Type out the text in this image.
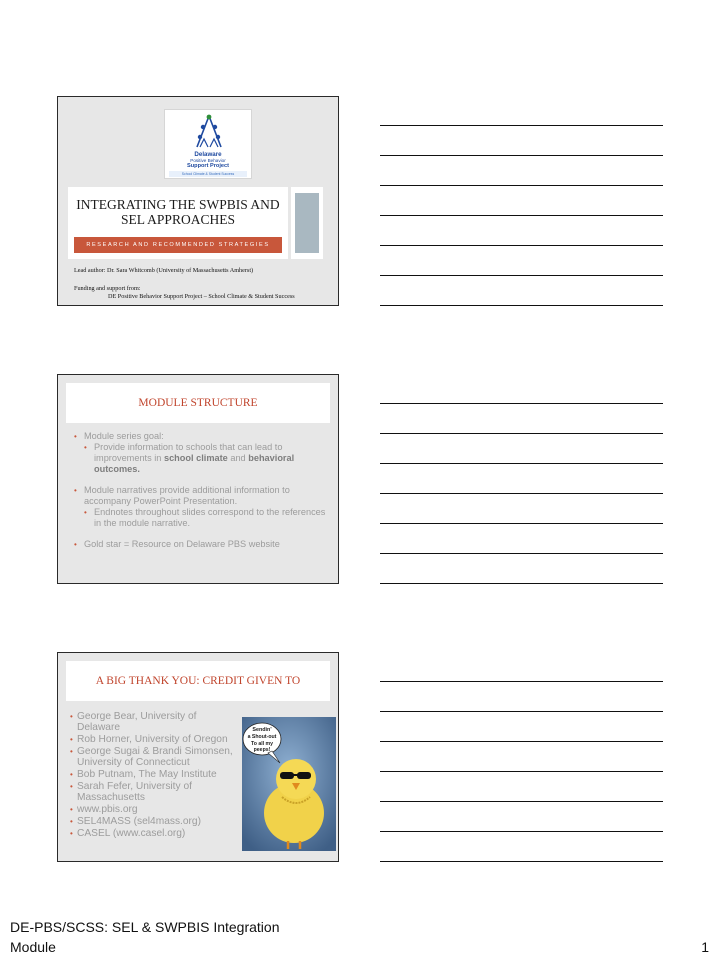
Delaware
Positive Behavior
Support Project
School Climate & Student Success
INTEGRATING THE SWPBIS AND SEL APPROACHES
RESEARCH AND RECOMMENDED STRATEGIES
Lead author: Dr. Sara Whitcomb (University of Massachusetts Amherst)
Funding and support from:
DE Positive Behavior Support Project – School Climate & Student Success
MODULE STRUCTURE
• Module series goal:
• Provide information to schools that can lead to improvements in school climate and behavioral outcomes.
• Module narratives provide additional information to accompany PowerPoint Presentation.
• Endnotes throughout slides correspond to the references in the module narrative.
• Gold star = Resource on Delaware PBS website
A BIG THANK YOU: CREDIT GIVEN TO
• George Bear, University of Delaware
• Rob Horner, University of Oregon
• George Sugai & Brandi Simonsen, University of Connecticut
• Bob Putnam, The May Institute
• Sarah Fefer, University of Massachusetts
• www.pbis.org
• SEL4MASS (sel4mass.org)
• CASEL (www.casel.org)
Sendin'
a Shout-out
To all my
peeps!
DE-PBS/SCSS: SEL & SWPBIS Integration
Module	1
